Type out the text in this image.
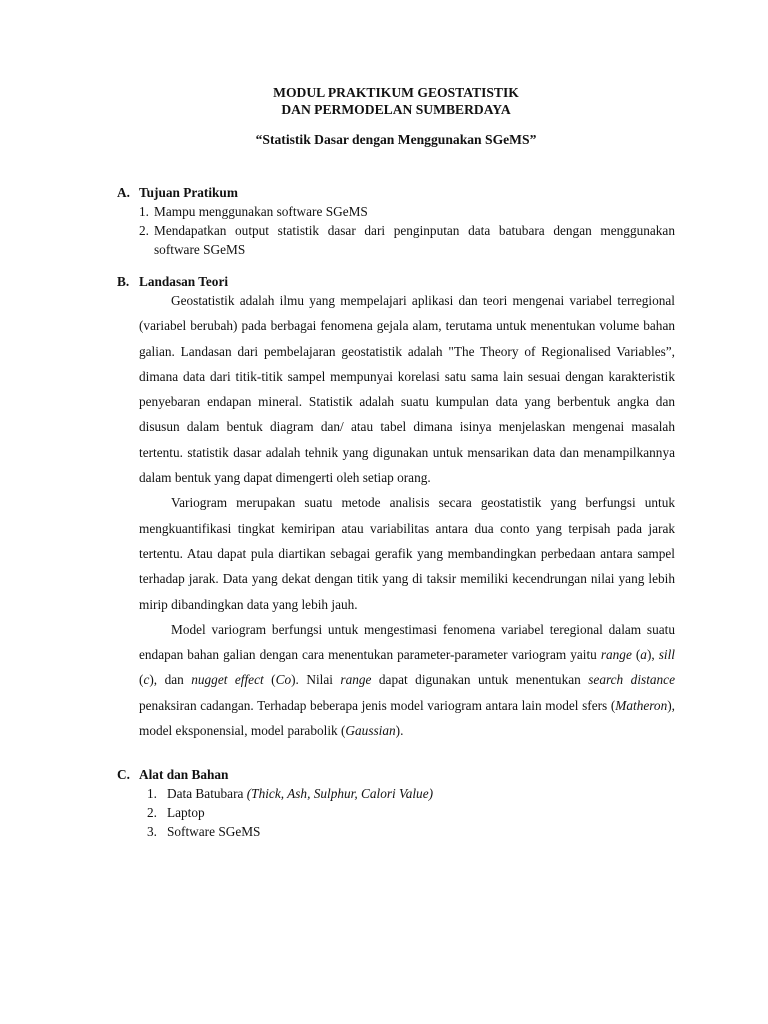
MODUL PRAKTIKUM GEOSTATISTIK
DAN PERMODELAN SUMBERDAYA
“Statistik Dasar dengan Menggunakan SGeMS”
A. Tujuan Pratikum
1. Mampu menggunakan software SGeMS
2. Mendapatkan output statistik dasar dari penginputan data batubara dengan menggunakan software SGeMS
B. Landasan Teori

Geostatistik adalah ilmu yang mempelajari aplikasi dan teori mengenai variabel terregional (variabel berubah) pada berbagai fenomena gejala alam, terutama untuk menentukan volume bahan galian. Landasan dari pembelajaran geostatistik adalah "The Theory of Regionalised Variables”, dimana data dari titik-titik sampel mempunyai korelasi satu sama lain sesuai dengan karakteristik penyebaran endapan mineral. Statistik adalah suatu kumpulan data yang berbentuk angka dan disusun dalam bentuk diagram dan/ atau tabel dimana isinya menjelaskan mengenai masalah tertentu. statistik dasar adalah tehnik yang digunakan untuk mensarikan data dan menampilkannya dalam bentuk yang dapat dimengerti oleh setiap orang.

Variogram merupakan suatu metode analisis secara geostatistik yang berfungsi untuk mengkuantifikasi tingkat kemiripan atau variabilitas antara dua conto yang terpisah pada jarak tertentu. Atau dapat pula diartikan sebagai gerafik yang membandingkan perbedaan antara sampel terhadap jarak. Data yang dekat dengan titik yang di taksir memiliki kecendrungan nilai yang lebih mirip dibandingkan data yang lebih jauh.

Model variogram berfungsi untuk mengestimasi fenomena variabel teregional dalam suatu endapan bahan galian dengan cara menentukan parameter-parameter variogram yaitu range (a), sill (c), dan nugget effect (Co). Nilai range dapat digunakan untuk menentukan search distance penaksiran cadangan. Terhadap beberapa jenis model variogram antara lain model sfers (Matheron), model eksponensial, model parabolik (Gaussian).

C. Alat dan Bahan
1. Data Batubara (Thick, Ash, Sulphur, Calori Value)
2. Laptop
3. Software SGeMS
